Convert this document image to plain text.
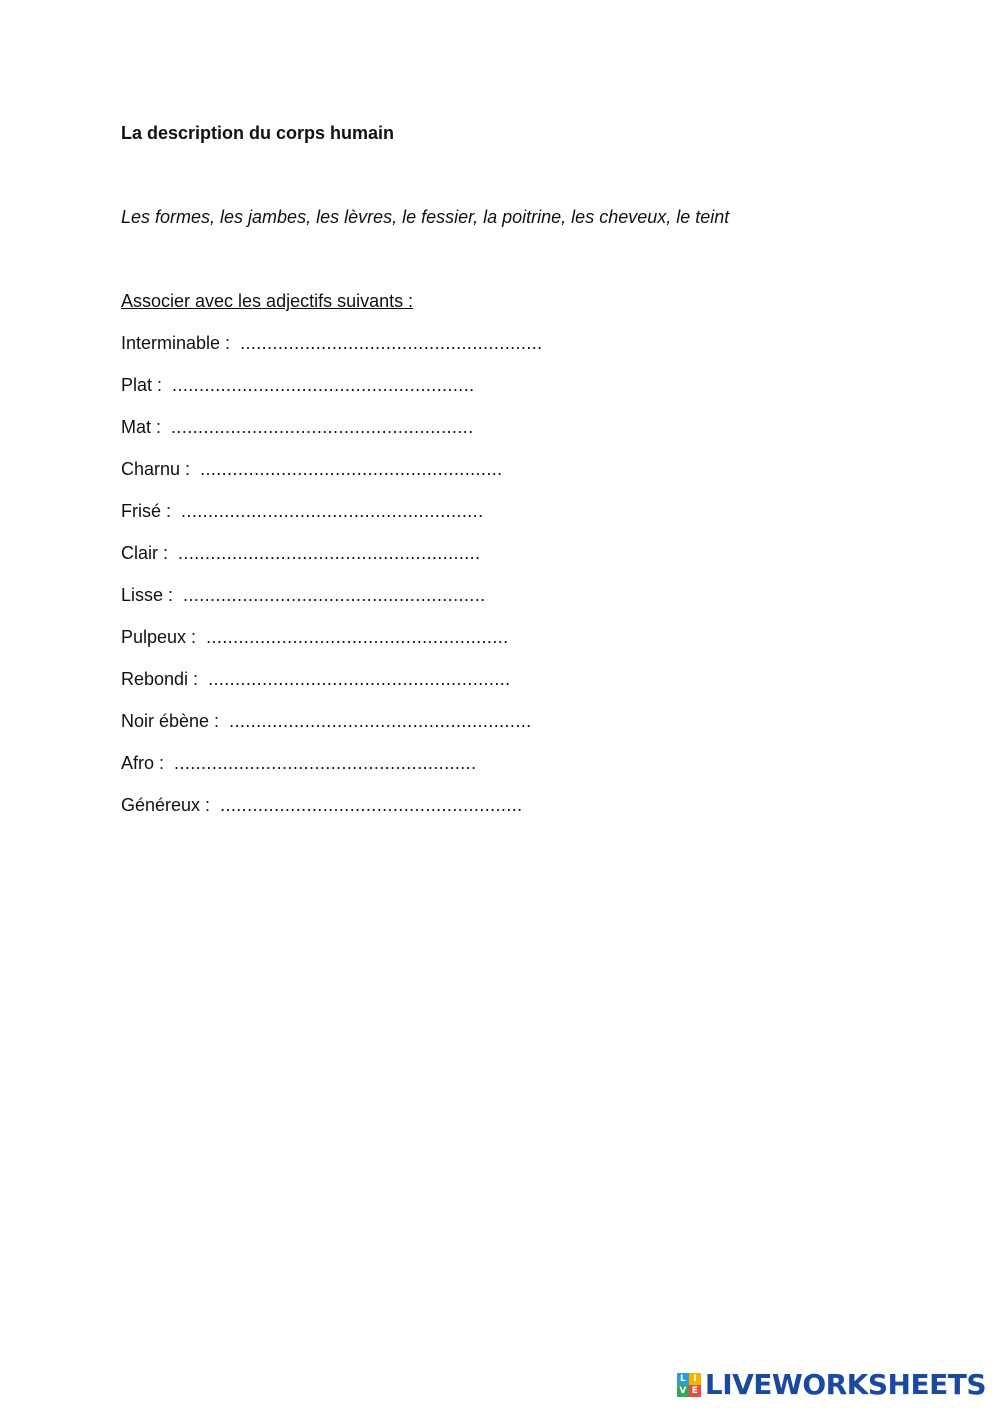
La description du corps humain

Les formes, les jambes, les lèvres, le fessier, la poitrine, les cheveux, le teint

Associer avec les adjectifs suivants :

Interminable : ........................................................
Plat : ........................................................
Mat : ........................................................
Charnu : ........................................................
Frisé : ........................................................
Clair : ........................................................
Lisse : ........................................................
Pulpeux : ........................................................
Rebondi : ........................................................
Noir ébène : ........................................................
Afro : ........................................................
Généreux : ........................................................
L I
V E LIVEWORKSHEETS
